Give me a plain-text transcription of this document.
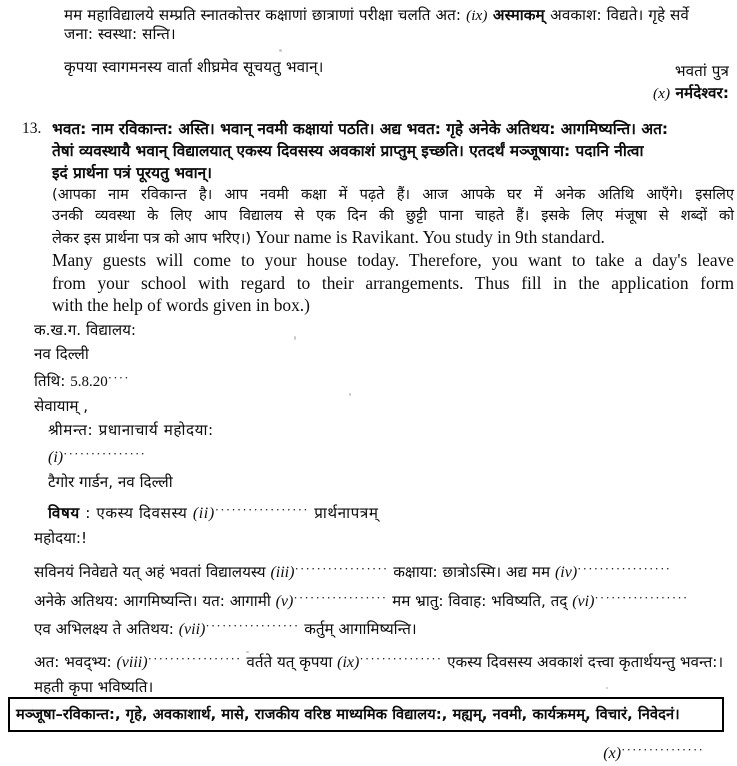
मम महाविद्यालये सम्प्रति स्नातकोत्तर कक्षाणां छात्राणां परीक्षा चलति अत: (ix) अस्माकम् अवकाश: विद्यते। गृहे सर्वे
जना: स्वस्था: सन्ति।
कृपया स्वागमनस्य वार्ता शीघ्रमेव सूचयतु भवान्।	भवतां पुत्र
(x) नर्मदेश्वर:
13. भवत: नाम रविकान्त: अस्ति। भवान् नवमी कक्षायां पठति। अद्य भवत: गृहे अनेके अतिथय: आगमिष्यन्ति। अत:
तेषां व्यवस्थायै भवान् विद्यालयात् एकस्य दिवसस्य अवकाशं प्राप्तुम् इच्छति। एतदर्थं मञ्जूषाया: पदानि नीत्वा
इदं प्रार्थना पत्रं पूरयतु भवान्।
(आपका नाम रविकान्त है। आप नवमी कक्षा में पढ़ते हैं। आज आपके घर में अनेक अतिथि आएँगे। इसलिए
उनकी व्यवस्था के लिए आप विद्यालय से एक दिन की छुट्टी पाना चाहते हैं। इसके लिए मंजूषा से शब्दों को
लेकर इस प्रार्थना पत्र को आप भरिए।) Your name is Ravikant. You study in 9th standard.
Many guests will come to your house today. Therefore, you want to take a day's leave
from your school with regard to their arrangements. Thus fill in the application form
with the help of words given in box.)
क.ख.ग. विद्यालय:
नव दिल्ली
तिथि: 5.8.20····
सेवायाम् ,
श्रीमन्त: प्रधानाचार्य महोदया:
(i)···············
टैगोर गार्डन, नव दिल्ली
विषय : एकस्य दिवसस्य (ii)················· प्रार्थनापत्रम्
महोदया:!
सविनयं निवेद्यते यत् अहं भवतां विद्यालयस्य (iii)················· कक्षाया: छात्रोऽस्मि। अद्य मम (iv)·················
अनेके अतिथय: आगमिष्यन्ति। यत: आगामी (v)················· मम भ्रातु: विवाह: भविष्यति, तद् (vi)·················
एव अभिलक्ष्य ते अतिथय: (vii)················· कर्तुम् आगामिष्यन्ति।
अत: भवद्भ्य: (viii)················· वर्तते यत् कृपया (ix)··············· एकस्य दिवसस्य अवकाशं दत्त्वा कृतार्थयन्तु भवन्त:।
महती कृपा भविष्यति।
(x)···············
मञ्जूषा–रविकान्त:, गृहे, अवकाशार्थ, मासे, राजकीय वरिष्ठ माध्यमिक विद्यालय:, मह्यम्, नवमी, कार्यक्रमम्, विचारं, निवेदनं।
